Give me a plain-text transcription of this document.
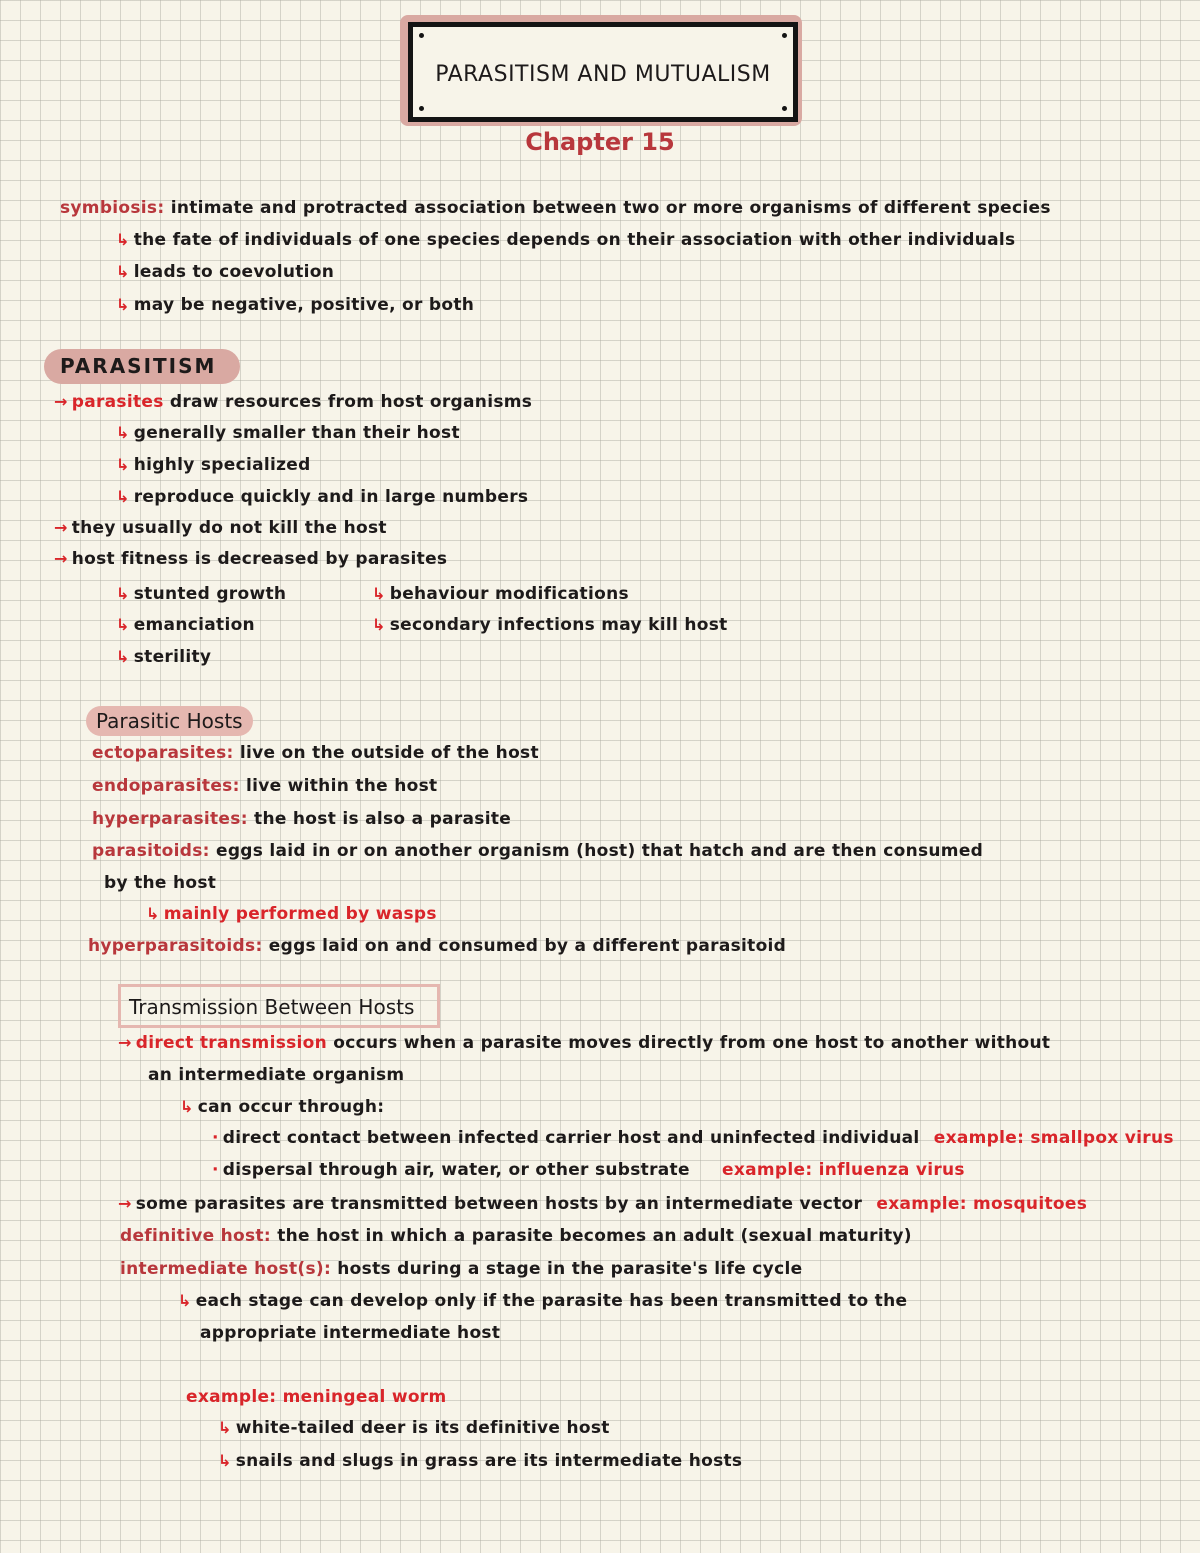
PARASITISM AND MUTUALISM
Chapter 15
symbiosis: intimate and protracted association between two or more organisms of different species
↳ the fate of individuals of one species depends on their association with other individuals
↳ leads to coevolution
↳ may be negative, positive, or both
PARASITISM
→ parasites draw resources from host organisms
↳ generally smaller than their host
↳ highly specialized
↳ reproduce quickly and in large numbers
→ they usually do not kill the host
→ host fitness is decreased by parasites
↳ stunted growth
↳ emanciation
↳ sterility
↳ behaviour modifications
↳ secondary infections may kill host
Parasitic Hosts
ectoparasites: live on the outside of the host
endoparasites: live within the host
hyperparasites: the host is also a parasite
parasitoids: eggs laid in or on another organism (host) that hatch and are then consumed
by the host
↳ mainly performed by wasps
hyperparasitoids: eggs laid on and consumed by a different parasitoid
Transmission Between Hosts
→ direct transmission occurs when a parasite moves directly from one host to another without
an intermediate organism
↳ can occur through:
· direct contact between infected carrier host and uninfected individual example: smallpox virus
· dispersal through air, water, or other substrate example: influenza virus
→ some parasites are transmitted between hosts by an intermediate vector example: mosquitoes
definitive host: the host in which a parasite becomes an adult (sexual maturity)
intermediate host(s): hosts during a stage in the parasite's life cycle
↳ each stage can develop only if the parasite has been transmitted to the
appropriate intermediate host
example: meningeal worm
↳ white-tailed deer is its definitive host
↳ snails and slugs in grass are its intermediate hosts
